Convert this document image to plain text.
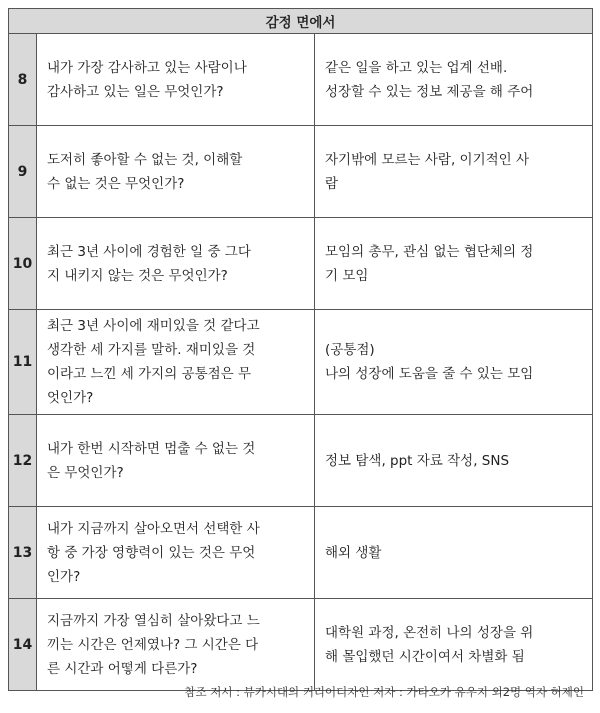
감정 면에서		
8	내가 가장 감사하고 있는 사람이나
감사하고 있는 일은 무엇인가?	같은 일을 하고 있는 업계 선배.
성장할 수 있는 정보 제공을 해 주어
9	도저히 좋아할 수 없는 것, 이해할
수 없는 것은 무엇인가?	자기밖에 모르는 사람, 이기적인 사
람
10	최근 3년 사이에 경험한 일 중 그다
지 내키지 않는 것은 무엇인가?	모임의 총무, 관심 없는 협단체의 정
기 모임
11	최근 3년 사이에 재미있을 것 같다고
생각한 세 가지를 말하. 재미있을 것
이라고 느낀 세 가지의 공통점은 무
엇인가?	(공통점)
나의 성장에 도움을 줄 수 있는 모임
12	내가 한번 시작하면 멈출 수 없는 것
은 무엇인가?	정보 탐색, ppt 자료 작성, SNS
13	내가 지금까지 살아오면서 선택한 사
항 중 가장 영향력이 있는 것은 무엇
인가?	해외 생활
14	지금까지 가장 열심히 살아왔다고 느
끼는 시간은 언제였나? 그 시간은 다
른 시간과 어떻게 다른가?	대학원 과정, 온전히 나의 성장을 위
해 몰입했던 시간이여서 차별화 됨
참조 저서 : 뷰카시대의 커리어디자인 저자 : 가타오카 유우지 외2명 역자 허제인
